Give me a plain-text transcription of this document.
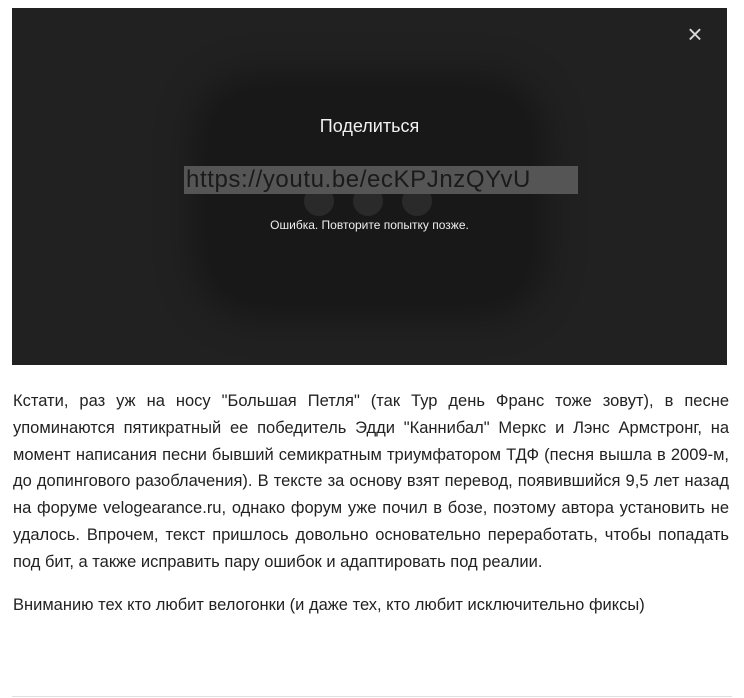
×
Поделиться
https://youtu.be/ecKPJnzQYvU
Ошибка. Повторите попытку позже.

Кстати, раз уж на носу "Большая Петля" (так Тур день Франс тоже зовут), в песне упоминаются пятикратный ее победитель Эдди "Каннибал" Меркс и Лэнс Армстронг, на момент написания песни бывший семикратным триумфатором ТДФ (песня вышла в 2009-м, до допингового разоблачения). В тексте за основу взят перевод, появившийся 9,5 лет назад на форуме velogearance.ru, однако форум уже почил в бозе, поэтому автора установить не удалось. Впрочем, текст пришлось довольно основательно переработать, чтобы попадать под бит, а также исправить пару ошибок и адаптировать под реалии.

Вниманию тех кто любит велогонки (и даже тех, кто любит исключительно фиксы)
